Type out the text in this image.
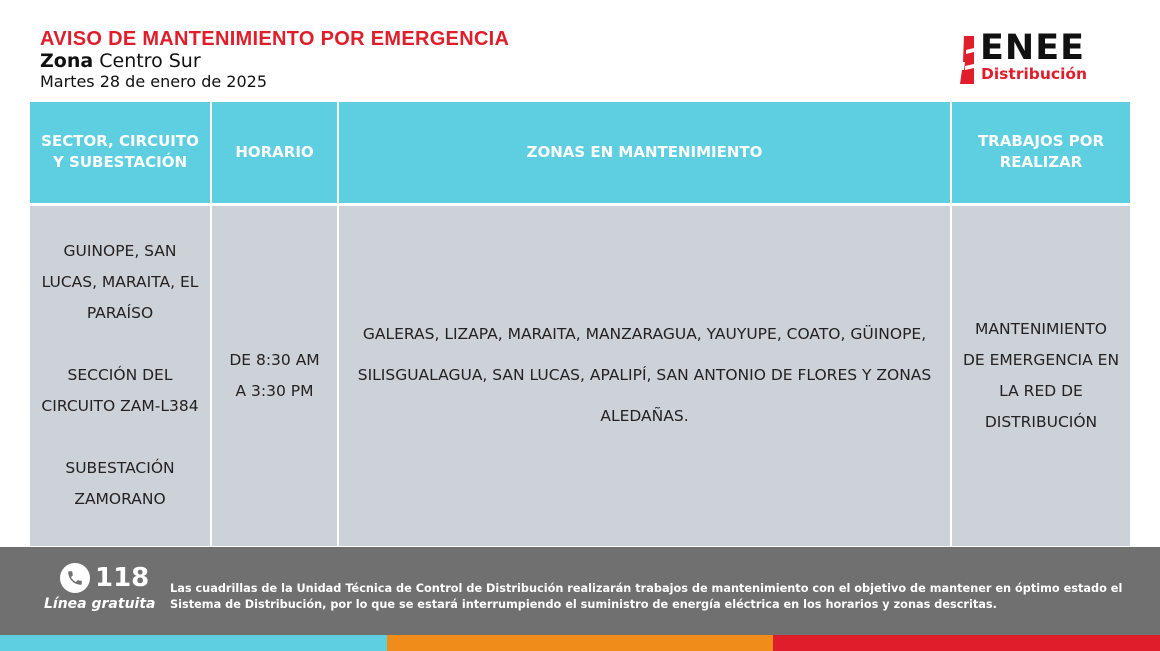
AVISO DE MANTENIMIENTO POR EMERGENCIA
Zona Centro Sur
Martes 28 de enero de 2025
ENEE
Distribución
SECTOR, CIRCUITO Y SUBESTACIÓN	HORARIO	ZONAS EN MANTENIMIENTO	TRABAJOS POR REALIZAR

GUINOPE, SAN LUCAS, MARAITA, EL PARAÍSO
SECCIÓN DEL CIRCUITO ZAM-L384
SUBESTACIÓN ZAMORANO	DE 8:30 AM A 3:30 PM	GALERAS, LIZAPA, MARAITA, MANZARAGUA, YAUYUPE, COATO, GÜINOPE, SILISGUALAGUA, SAN LUCAS, APALIPÍ, SAN ANTONIO DE FLORES Y ZONAS ALEDAÑAS.	MANTENIMIENTO DE EMERGENCIA EN LA RED DE DISTRIBUCIÓN
118
Línea gratuita
Las cuadrillas de la Unidad Técnica de Control de Distribución realizarán trabajos de mantenimiento con el objetivo de mantener en óptimo estado el Sistema de Distribución, por lo que se estará interrumpiendo el suministro de energía eléctrica en los horarios y zonas descritas.
